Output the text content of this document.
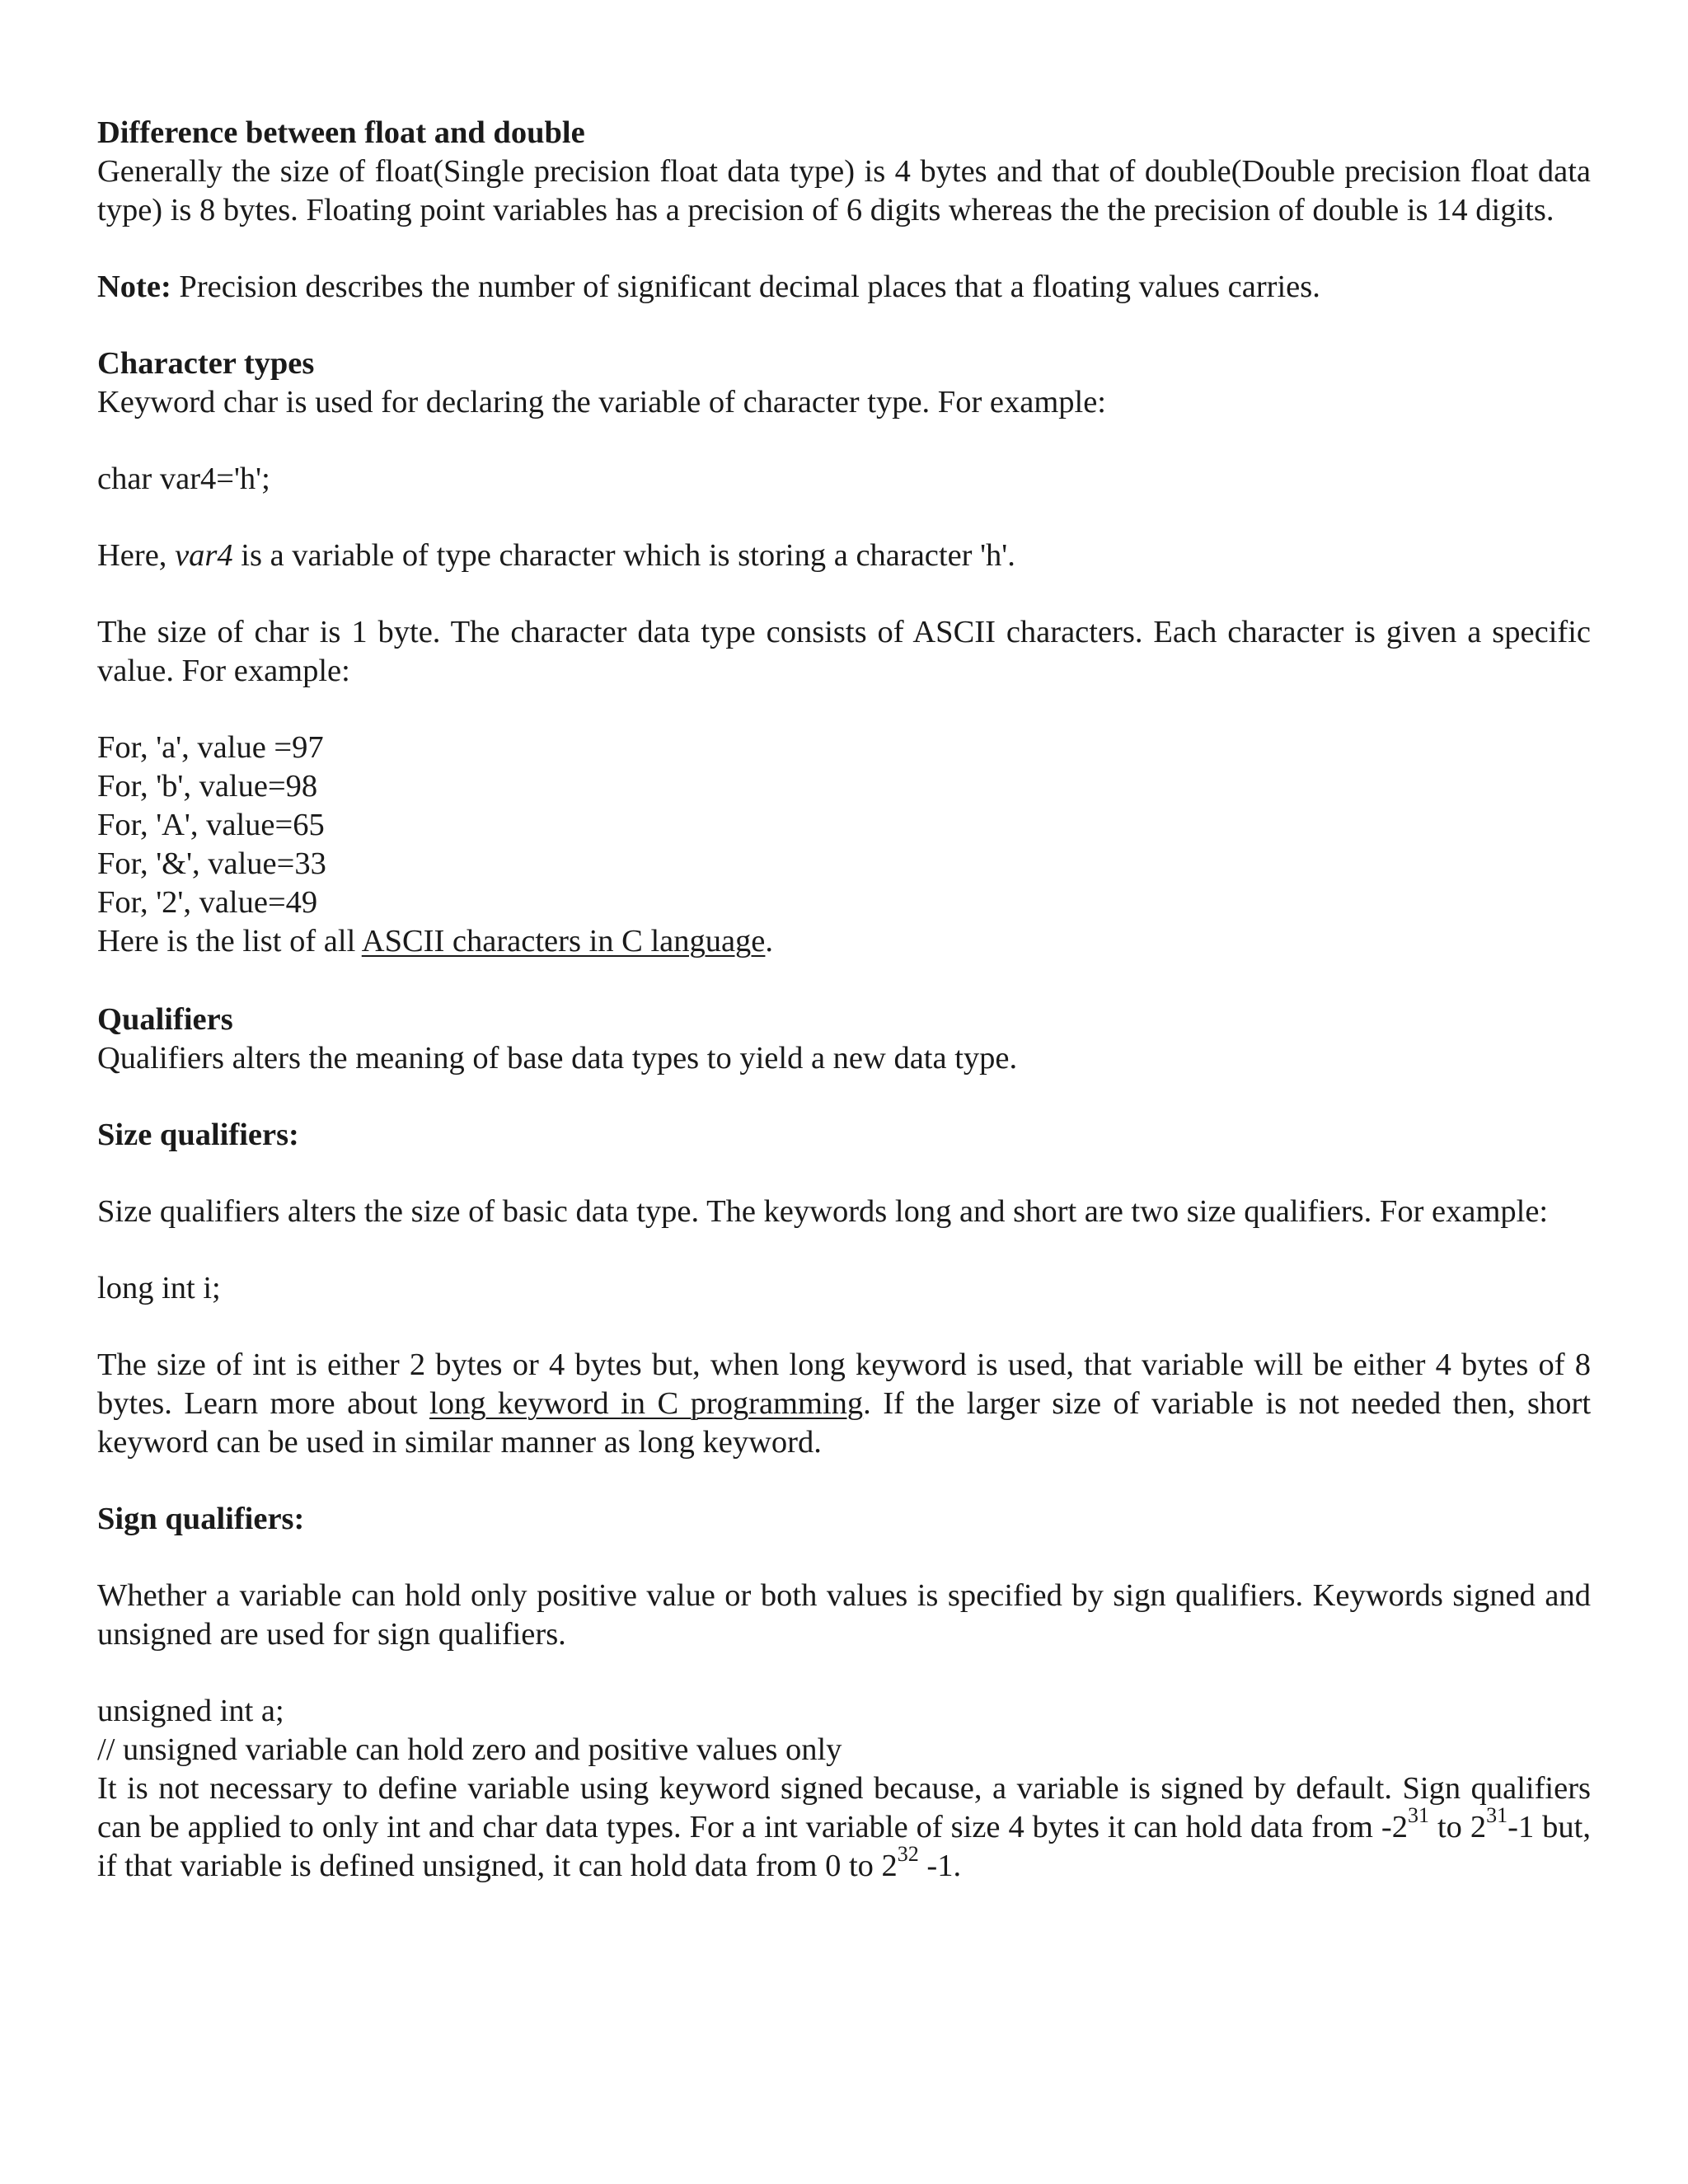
Difference between float and double

Generally the size of float(Single precision float data type) is 4 bytes and that of double(Double precision float data type) is 8 bytes. Floating point variables has a precision of 6 digits whereas the the precision of double is 14 digits.

Note: Precision describes the number of significant decimal places that a floating values carries.

Character types

Keyword char is used for declaring the variable of character type. For example:

char var4='h';

Here, var4 is a variable of type character which is storing a character 'h'.

The size of char is 1 byte. The character data type consists of ASCII characters. Each character is given a specific value. For example:

For, 'a', value =97

For, 'b', value=98

For, 'A', value=65

For, '&', value=33

For, '2', value=49

Here is the list of all ASCII characters in C language.

Qualifiers

Qualifiers alters the meaning of base data types to yield a new data type.

Size qualifiers:

Size qualifiers alters the size of basic data type. The keywords long and short are two size qualifiers. For example:

long int i;

The size of int is either 2 bytes or 4 bytes but, when long keyword is used, that variable will be either 4 bytes of 8 bytes. Learn more about long keyword in C programming. If the larger size of variable is not needed then, short keyword can be used in similar manner as long keyword.

Sign qualifiers:

Whether a variable can hold only positive value or both values is specified by sign qualifiers. Keywords signed and unsigned are used for sign qualifiers.

unsigned int a;

// unsigned variable can hold zero and positive values only

It is not necessary to define variable using keyword signed because, a variable is signed by default. Sign qualifiers can be applied to only int and char data types. For a int variable of size 4 bytes it can hold data from $-2^{31}$ to $2^{31}-1$ but, if that variable is defined unsigned, it can hold data from 0 to $2^{32}$ -1.
